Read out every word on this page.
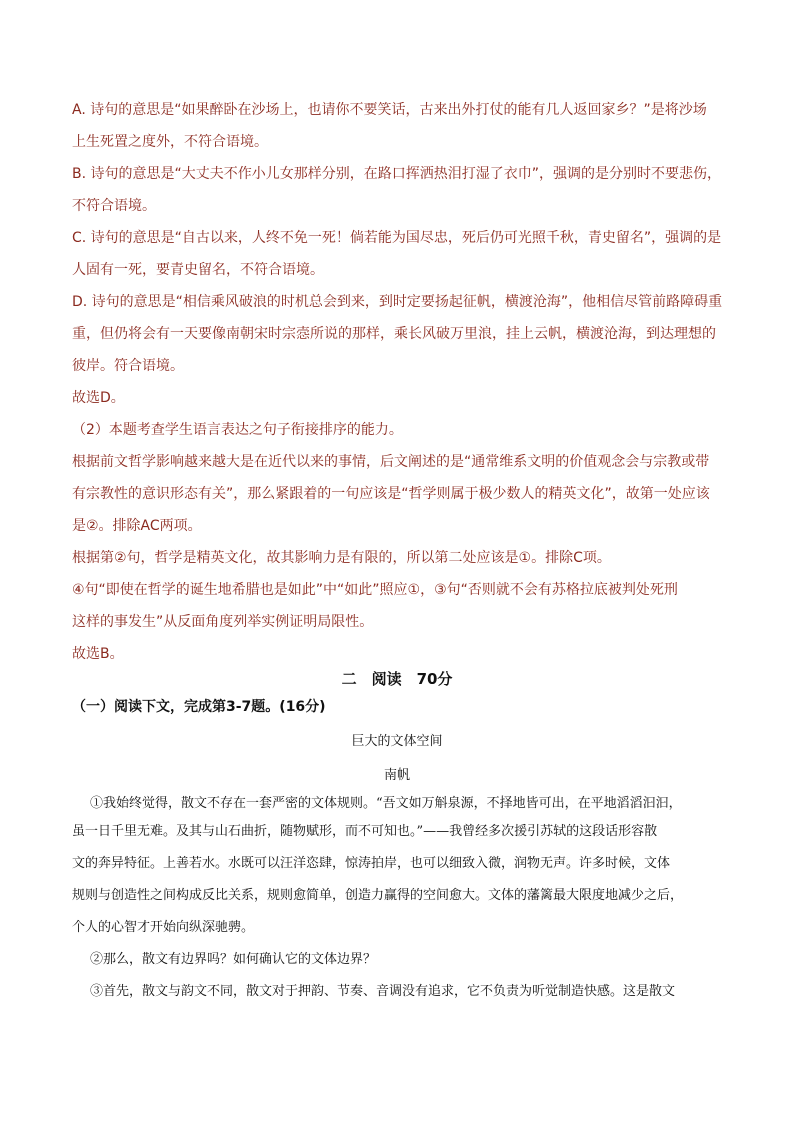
A. 诗句的意思是“如果醉卧在沙场上，也请你不要笑话，古来出外打仗的能有几人返回家乡？”是将沙场
上生死置之度外，不符合语境。
B. 诗句的意思是“大丈夫不作小儿女那样分别，在路口挥洒热泪打湿了衣巾”，强调的是分别时不要悲伤，
不符合语境。
C. 诗句的意思是“自古以来，人终不免一死！倘若能为国尽忠，死后仍可光照千秋，青史留名”，强调的是
人固有一死，要青史留名，不符合语境。
D. 诗句的意思是“相信乘风破浪的时机总会到来，到时定要扬起征帆，横渡沧海”，他相信尽管前路障碍重
重，但仍将会有一天要像南朝宋时宗悫所说的那样，乘长风破万里浪，挂上云帆，横渡沧海，到达理想的
彼岸。符合语境。
故选D。
（2）本题考查学生语言表达之句子衔接排序的能力。
根据前文哲学影响越来越大是在近代以来的事情，后文阐述的是“通常维系文明的价值观念会与宗教或带
有宗教性的意识形态有关”，那么紧跟着的一句应该是“哲学则属于极少数人的精英文化”，故第一处应该
是②。排除AC两项。
根据第②句，哲学是精英文化，故其影响力是有限的，所以第二处应该是①。排除C项。
④句“即使在哲学的诞生地希腊也是如此”中“如此”照应①，③句“否则就不会有苏格拉底被判处死刑
这样的事发生”从反面角度列举实例证明局限性。
故选B。
二　阅读　70分
（一）阅读下文，完成第3-7题。(16分)
巨大的文体空间
南帆
①我始终觉得，散文不存在一套严密的文体规则。“吾文如万斛泉源，不择地皆可出，在平地滔滔汩汩，
虽一日千里无难。及其与山石曲折，随物赋形，而不可知也。”——我曾经多次援引苏轼的这段话形容散
文的奔异特征。上善若水。水既可以汪洋恣肆，惊涛拍岸，也可以细致入微，润物无声。许多时候，文体
规则与创造性之间构成反比关系，规则愈简单，创造力赢得的空间愈大。文体的藩篱最大限度地减少之后，
个人的心智才开始向纵深驰骋。
②那么，散文有边界吗？如何确认它的文体边界？
③首先，散文与韵文不同，散文对于押韵、节奏、音调没有追求，它不负责为听觉制造快感。这是散文
